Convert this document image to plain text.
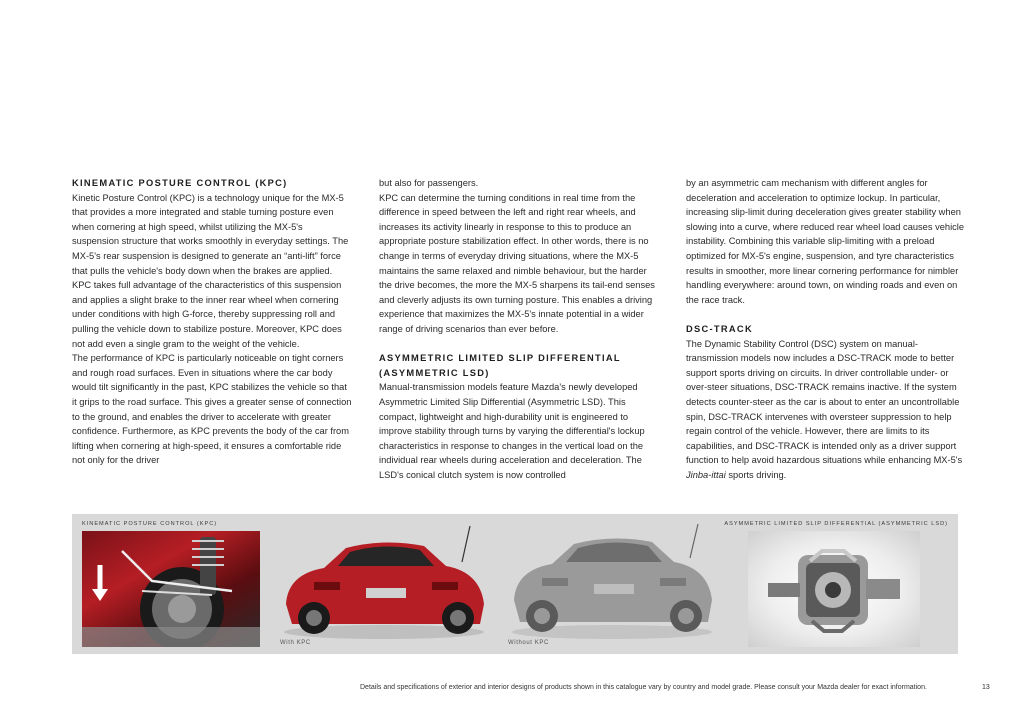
KINEMATIC POSTURE CONTROL (KPC)

Kinetic Posture Control (KPC) is a technology unique for the MX-5 that provides a more integrated and stable turning posture even when cornering at high speed, whilst utilizing the MX-5's suspension structure that works smoothly in everyday settings. The MX-5's rear suspension is designed to generate an “anti-lift” force that pulls the vehicle's body down when the brakes are applied. KPC takes full advantage of the characteristics of this suspension and applies a slight brake to the inner rear wheel when cornering under conditions with high G-force, thereby suppressing roll and pulling the vehicle down to stabilize posture. Moreover, KPC does not add even a single gram to the weight of the vehicle.

The performance of KPC is particularly noticeable on tight corners and rough road surfaces. Even in situations where the car body would tilt significantly in the past, KPC stabilizes the vehicle so that it grips to the road surface. This gives a greater sense of connection to the ground, and enables the driver to accelerate with greater confidence. Furthermore, as KPC prevents the body of the car from lifting when cornering at high-speed, it ensures a comfortable ride not only for the driver

but also for passengers.

KPC can determine the turning conditions in real time from the difference in speed between the left and right rear wheels, and increases its activity linearly in response to this to produce an appropriate posture stabilization effect. In other words, there is no change in terms of everyday driving situations, where the MX-5 maintains the same relaxed and nimble behaviour, but the harder the drive becomes, the more the MX-5 sharpens its tail-end senses and cleverly adjusts its own turning posture. This enables a driving experience that maximizes the MX-5's innate potential in a wider range of driving scenarios than ever before.

ASYMMETRIC LIMITED SLIP DIFFERENTIAL (ASYMMETRIC LSD)

Manual-transmission models feature Mazda's newly developed Asymmetric Limited Slip Differential (Asymmetric LSD). This compact, lightweight and high-durability unit is engineered to improve stability through turns by varying the differential's lockup characteristics in response to changes in the vertical load on the individual rear wheels during acceleration and deceleration. The LSD's conical clutch system is now controlled

by an asymmetric cam mechanism with different angles for deceleration and acceleration to optimize lockup. In particular, increasing slip-limit during deceleration gives greater stability when slowing into a curve, where reduced rear wheel load causes vehicle instability. Combining this variable slip-limiting with a preload optimized for MX-5's engine, suspension, and tyre characteristics results in smoother, more linear cornering performance for nimbler handling everywhere: around town, on winding roads and even on the race track.

DSC-TRACK

The Dynamic Stability Control (DSC) system on manual-transmission models now includes a DSC-TRACK mode to better support sports driving on circuits. In driver controllable under- or over-steer situations, DSC-TRACK remains inactive. If the system detects counter-steer as the car is about to enter an uncontrollable spin, DSC-TRACK intervenes with oversteer suppression to help regain control of the vehicle. However, there are limits to its capabilities, and DSC-TRACK is intended only as a driver support function to help avoid hazardous situations while enhancing MX-5's Jinba-ittai sports driving.

KINEMATIC POSTURE CONTROL (KPC)	ASYMMETRIC LIMITED SLIP DIFFERENTIAL (ASYMMETRIC LSD)
With KPC	Without KPC
Details and specifications of exterior and interior designs of products shown in this catalogue vary by country and model grade. Please consult your Mazda dealer for exact information.	13
